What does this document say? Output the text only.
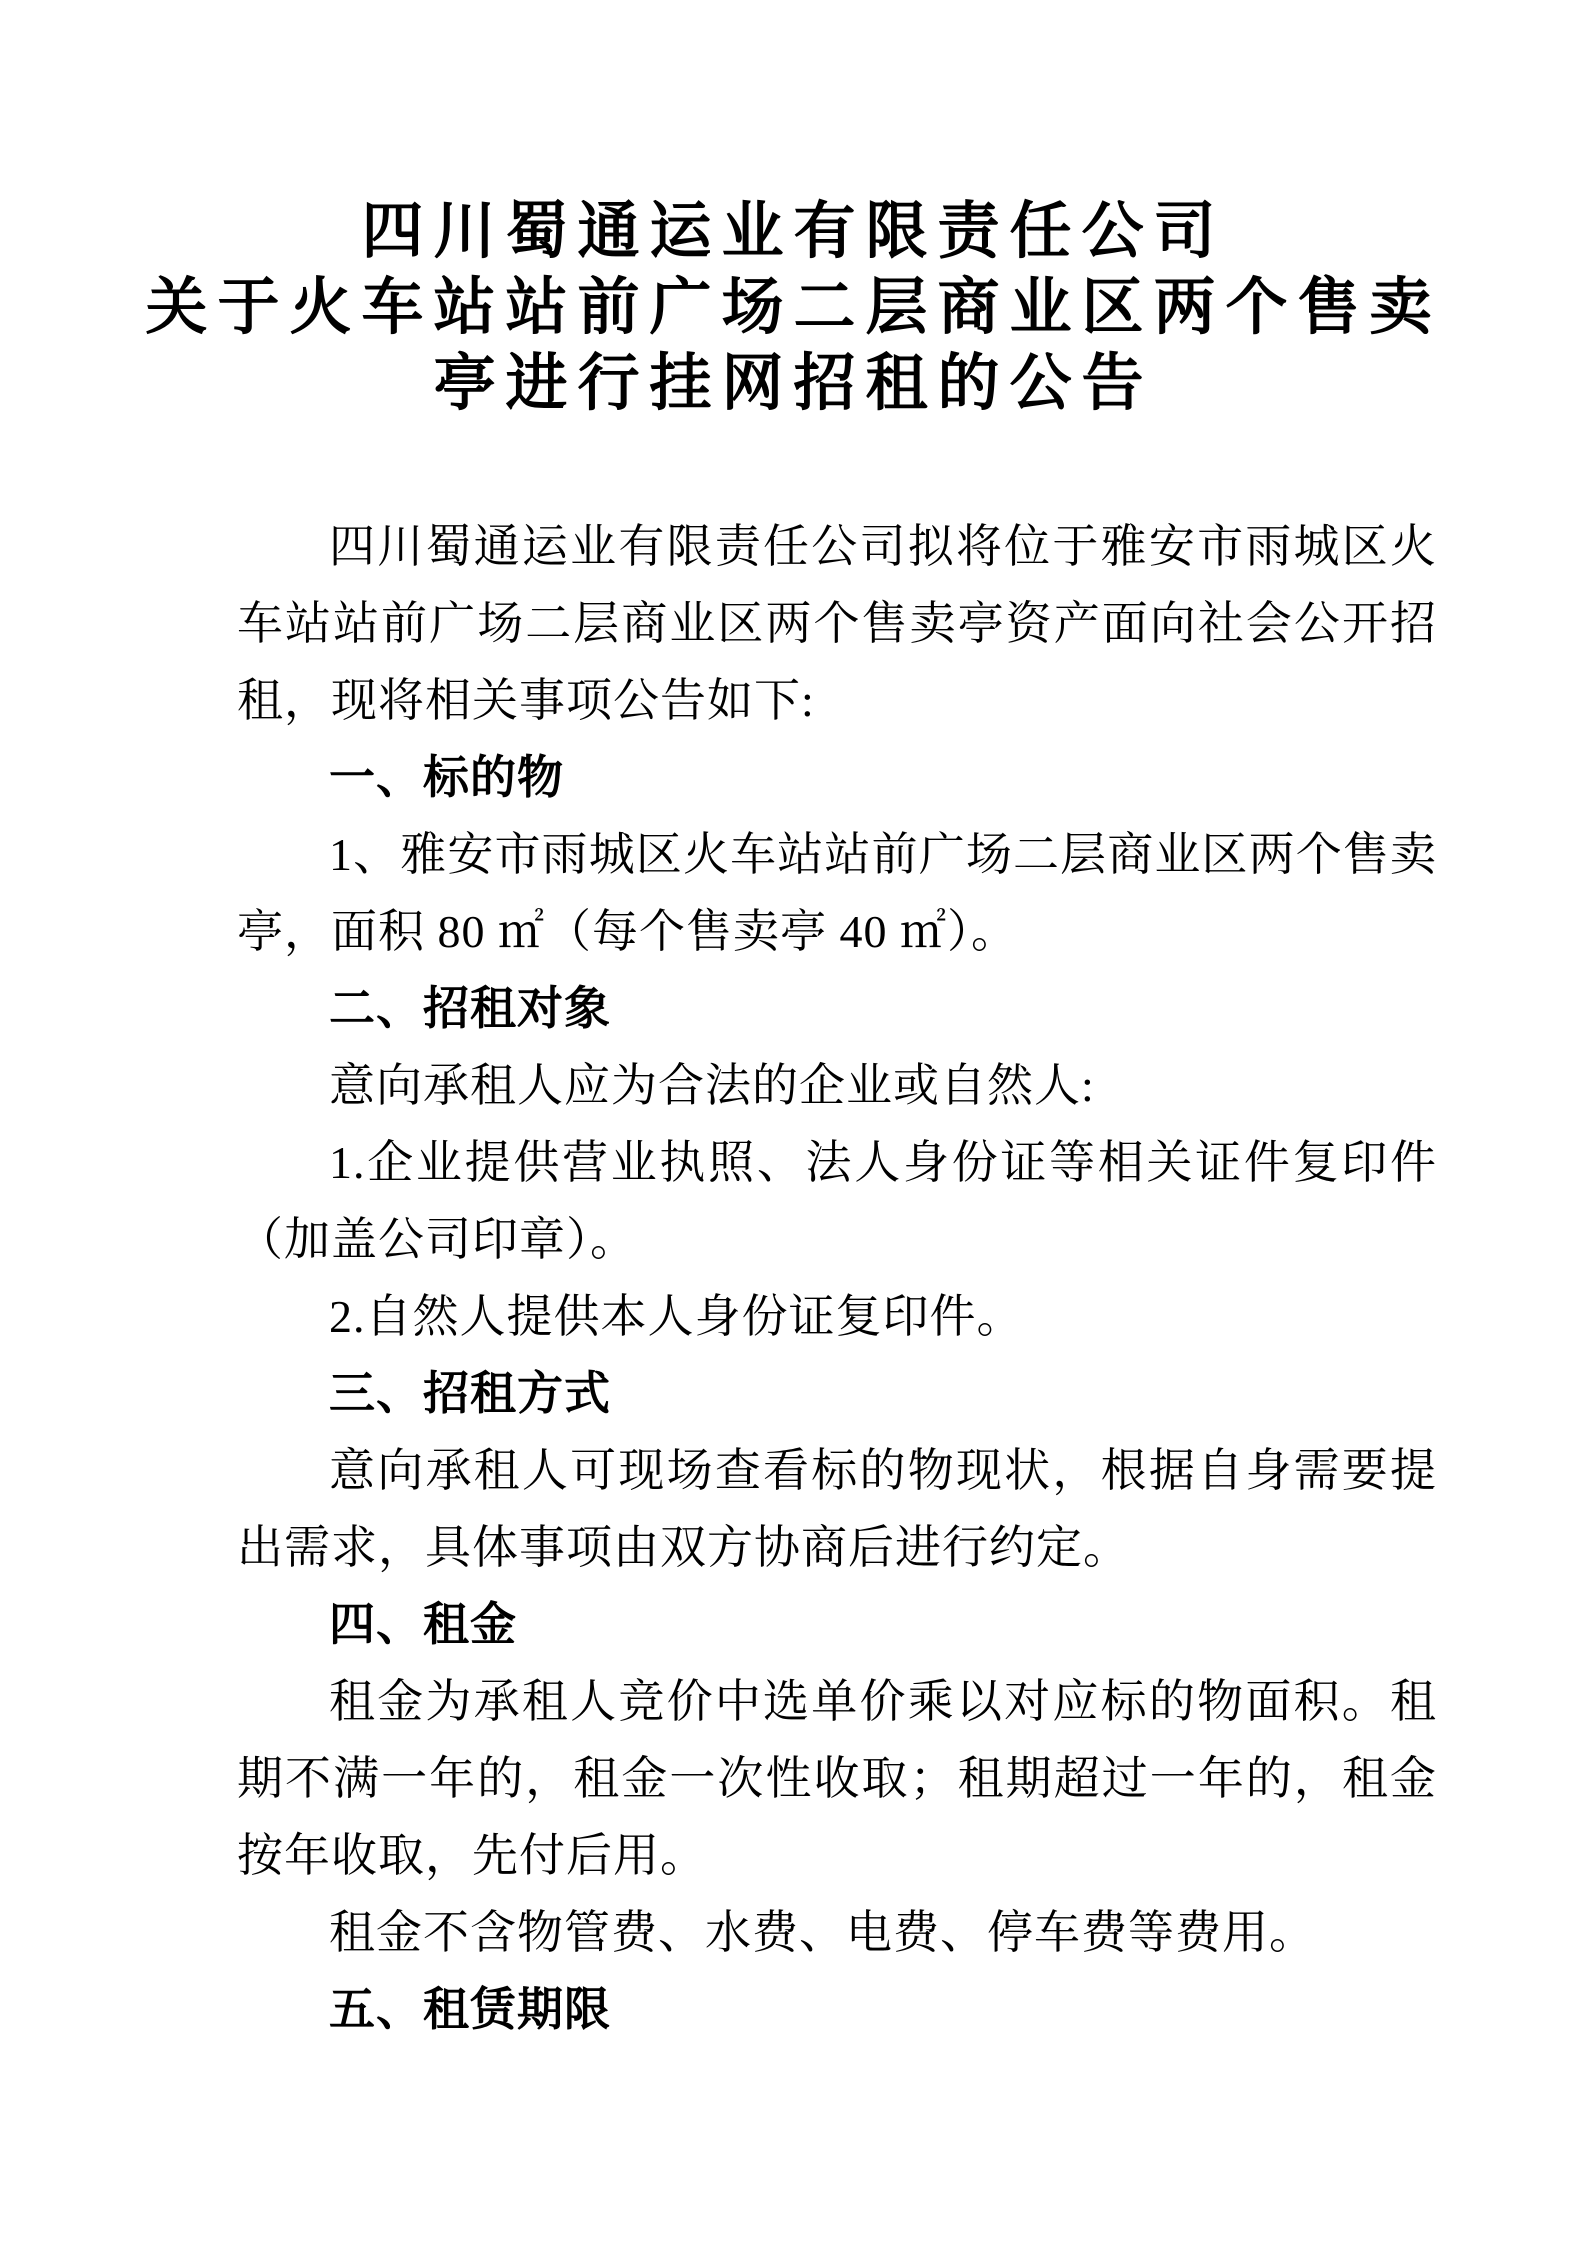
四川蜀通运业有限责任公司
关于火车站站前广场二层商业区两个售卖
亭进行挂网招租的公告

四川蜀通运业有限责任公司拟将位于雅安市雨城区火车站站前广场二层商业区两个售卖亭资产面向社会公开招租，现将相关事项公告如下:

一、标的物

1、雅安市雨城区火车站站前广场二层商业区两个售卖亭，面积 80 ㎡（每个售卖亭 40 ㎡）。

二、招租对象

意向承租人应为合法的企业或自然人:

1.企业提供营业执照、法人身份证等相关证件复印件（加盖公司印章）。

2.自然人提供本人身份证复印件。

三、招租方式

意向承租人可现场查看标的物现状，根据自身需要提出需求，具体事项由双方协商后进行约定。

四、租金

租金为承租人竞价中选单价乘以对应标的物面积。租期不满一年的，租金一次性收取；租期超过一年的，租金按年收取，先付后用。

租金不含物管费、水费、电费、停车费等费用。

五、租赁期限
